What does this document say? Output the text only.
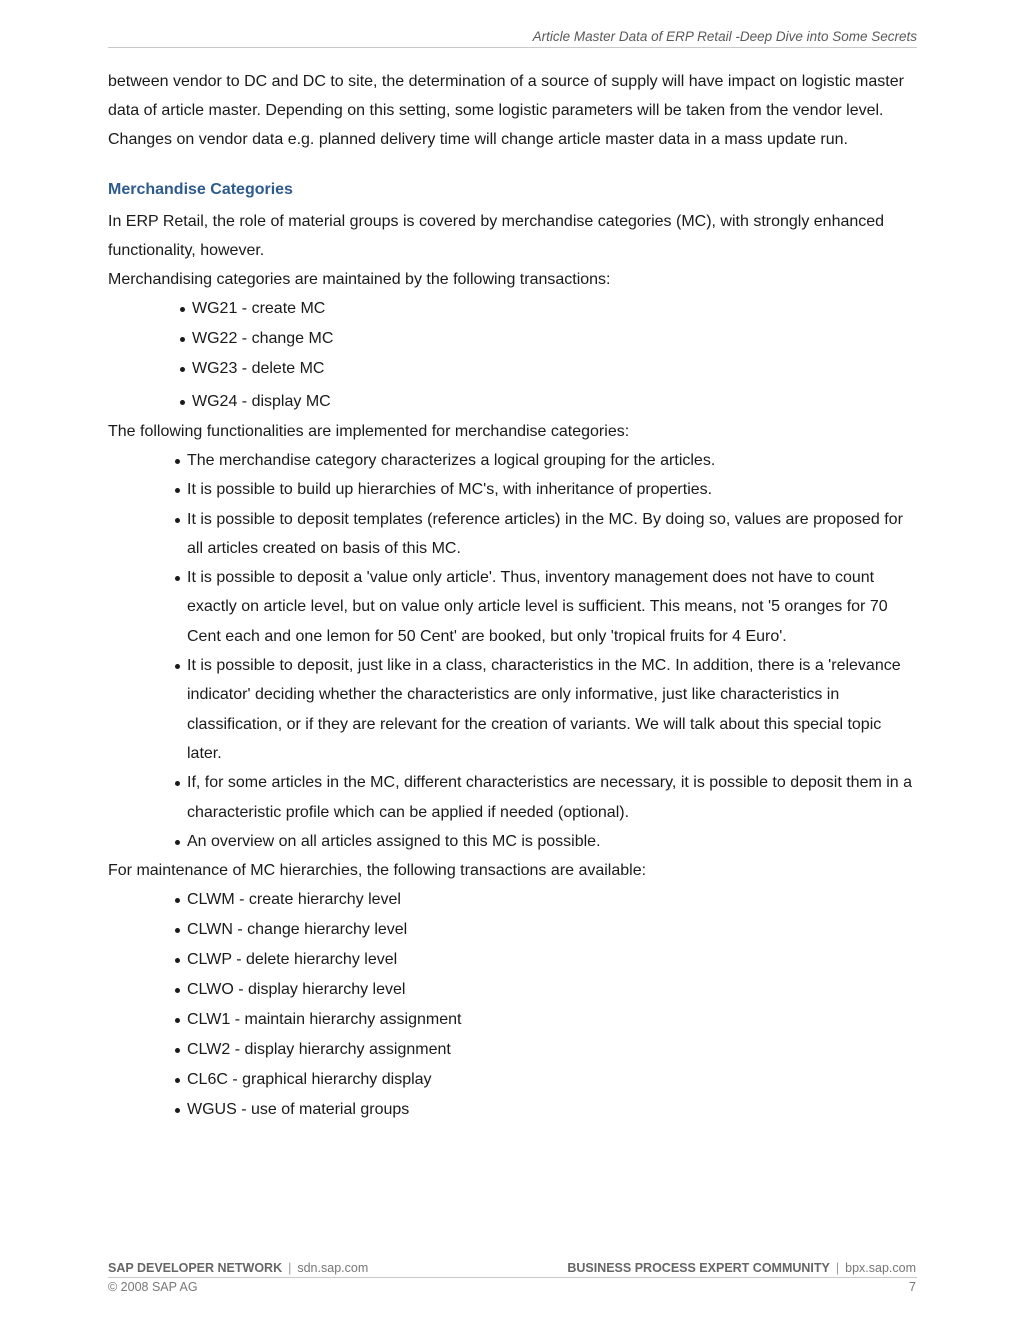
Article Master Data of ERP Retail -Deep Dive into Some Secrets

between vendor to DC and DC to site, the determination of a source of supply will have impact on logistic master data of article master. Depending on this setting, some logistic parameters will be taken from the vendor level. Changes on vendor data e.g. planned delivery time will change article master data in a mass update run.

Merchandise Categories

In ERP Retail, the role of material groups is covered by merchandise categories (MC), with strongly enhanced functionality, however.

Merchandising categories are maintained by the following transactions:

WG21 - create MC
WG22 - change MC
WG23 - delete MC
WG24 - display MC

The following functionalities are implemented for merchandise categories:

The merchandise category characterizes a logical grouping for the articles.
It is possible to build up hierarchies of MC's, with inheritance of properties.
It is possible to deposit templates (reference articles) in the MC. By doing so, values are proposed for all articles created on basis of this MC.
It is possible to deposit a 'value only article'. Thus, inventory management does not have to count exactly on article level, but on value only article level is sufficient. This means, not '5 oranges for 70 Cent each and one lemon for 50 Cent' are booked, but only 'tropical fruits for 4 Euro'.
It is possible to deposit, just like in a class, characteristics in the MC. In addition, there is a 'relevance indicator' deciding whether the characteristics are only informative, just like characteristics in classification, or if they are relevant for the creation of variants. We will talk about this special topic later.
If, for some articles in the MC, different characteristics are necessary, it is possible to deposit them in a characteristic profile which can be applied if needed (optional).
An overview on all articles assigned to this MC is possible.

For maintenance of MC hierarchies, the following transactions are available:

CLWM - create hierarchy level
CLWN - change hierarchy level
CLWP - delete hierarchy level
CLWO - display hierarchy level
CLW1 - maintain hierarchy assignment
CLW2 - display hierarchy assignment
CL6C - graphical hierarchy display
WGUS - use of material groups
SAP DEVELOPER NETWORK | sdn.sap.com	BUSINESS PROCESS EXPERT COMMUNITY | bpx.sap.com
© 2008 SAP AG	7
